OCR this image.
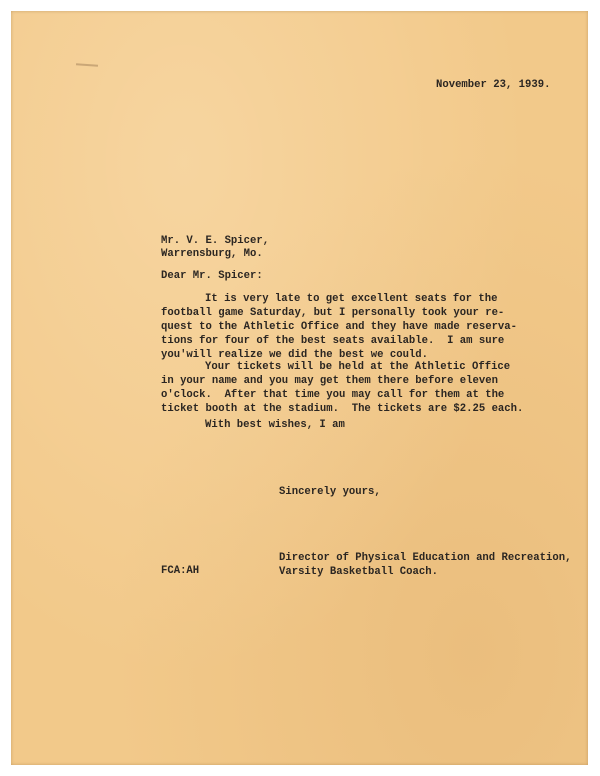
November 23, 1939.

Mr. V. E. Spicer,

Warrensburg, Mo.

Dear Mr. Spicer:

It is very late to get excellent seats for the

football game Saturday, but I personally took your re-

quest to the Athletic Office and they have made reserva-

tions for four of the best seats available.  I am sure

you'will realize we did the best we could.

Your tickets will be held at the Athletic Office

in your name and you may get them there before eleven

o'clock.  After that time you may call for them at the

ticket booth at the stadium.  The tickets are $2.25 each.

With best wishes, I am
Sincerely yours,

Director of Physical Education and Recreation,

Varsity Basketball Coach.

FCA:AH
